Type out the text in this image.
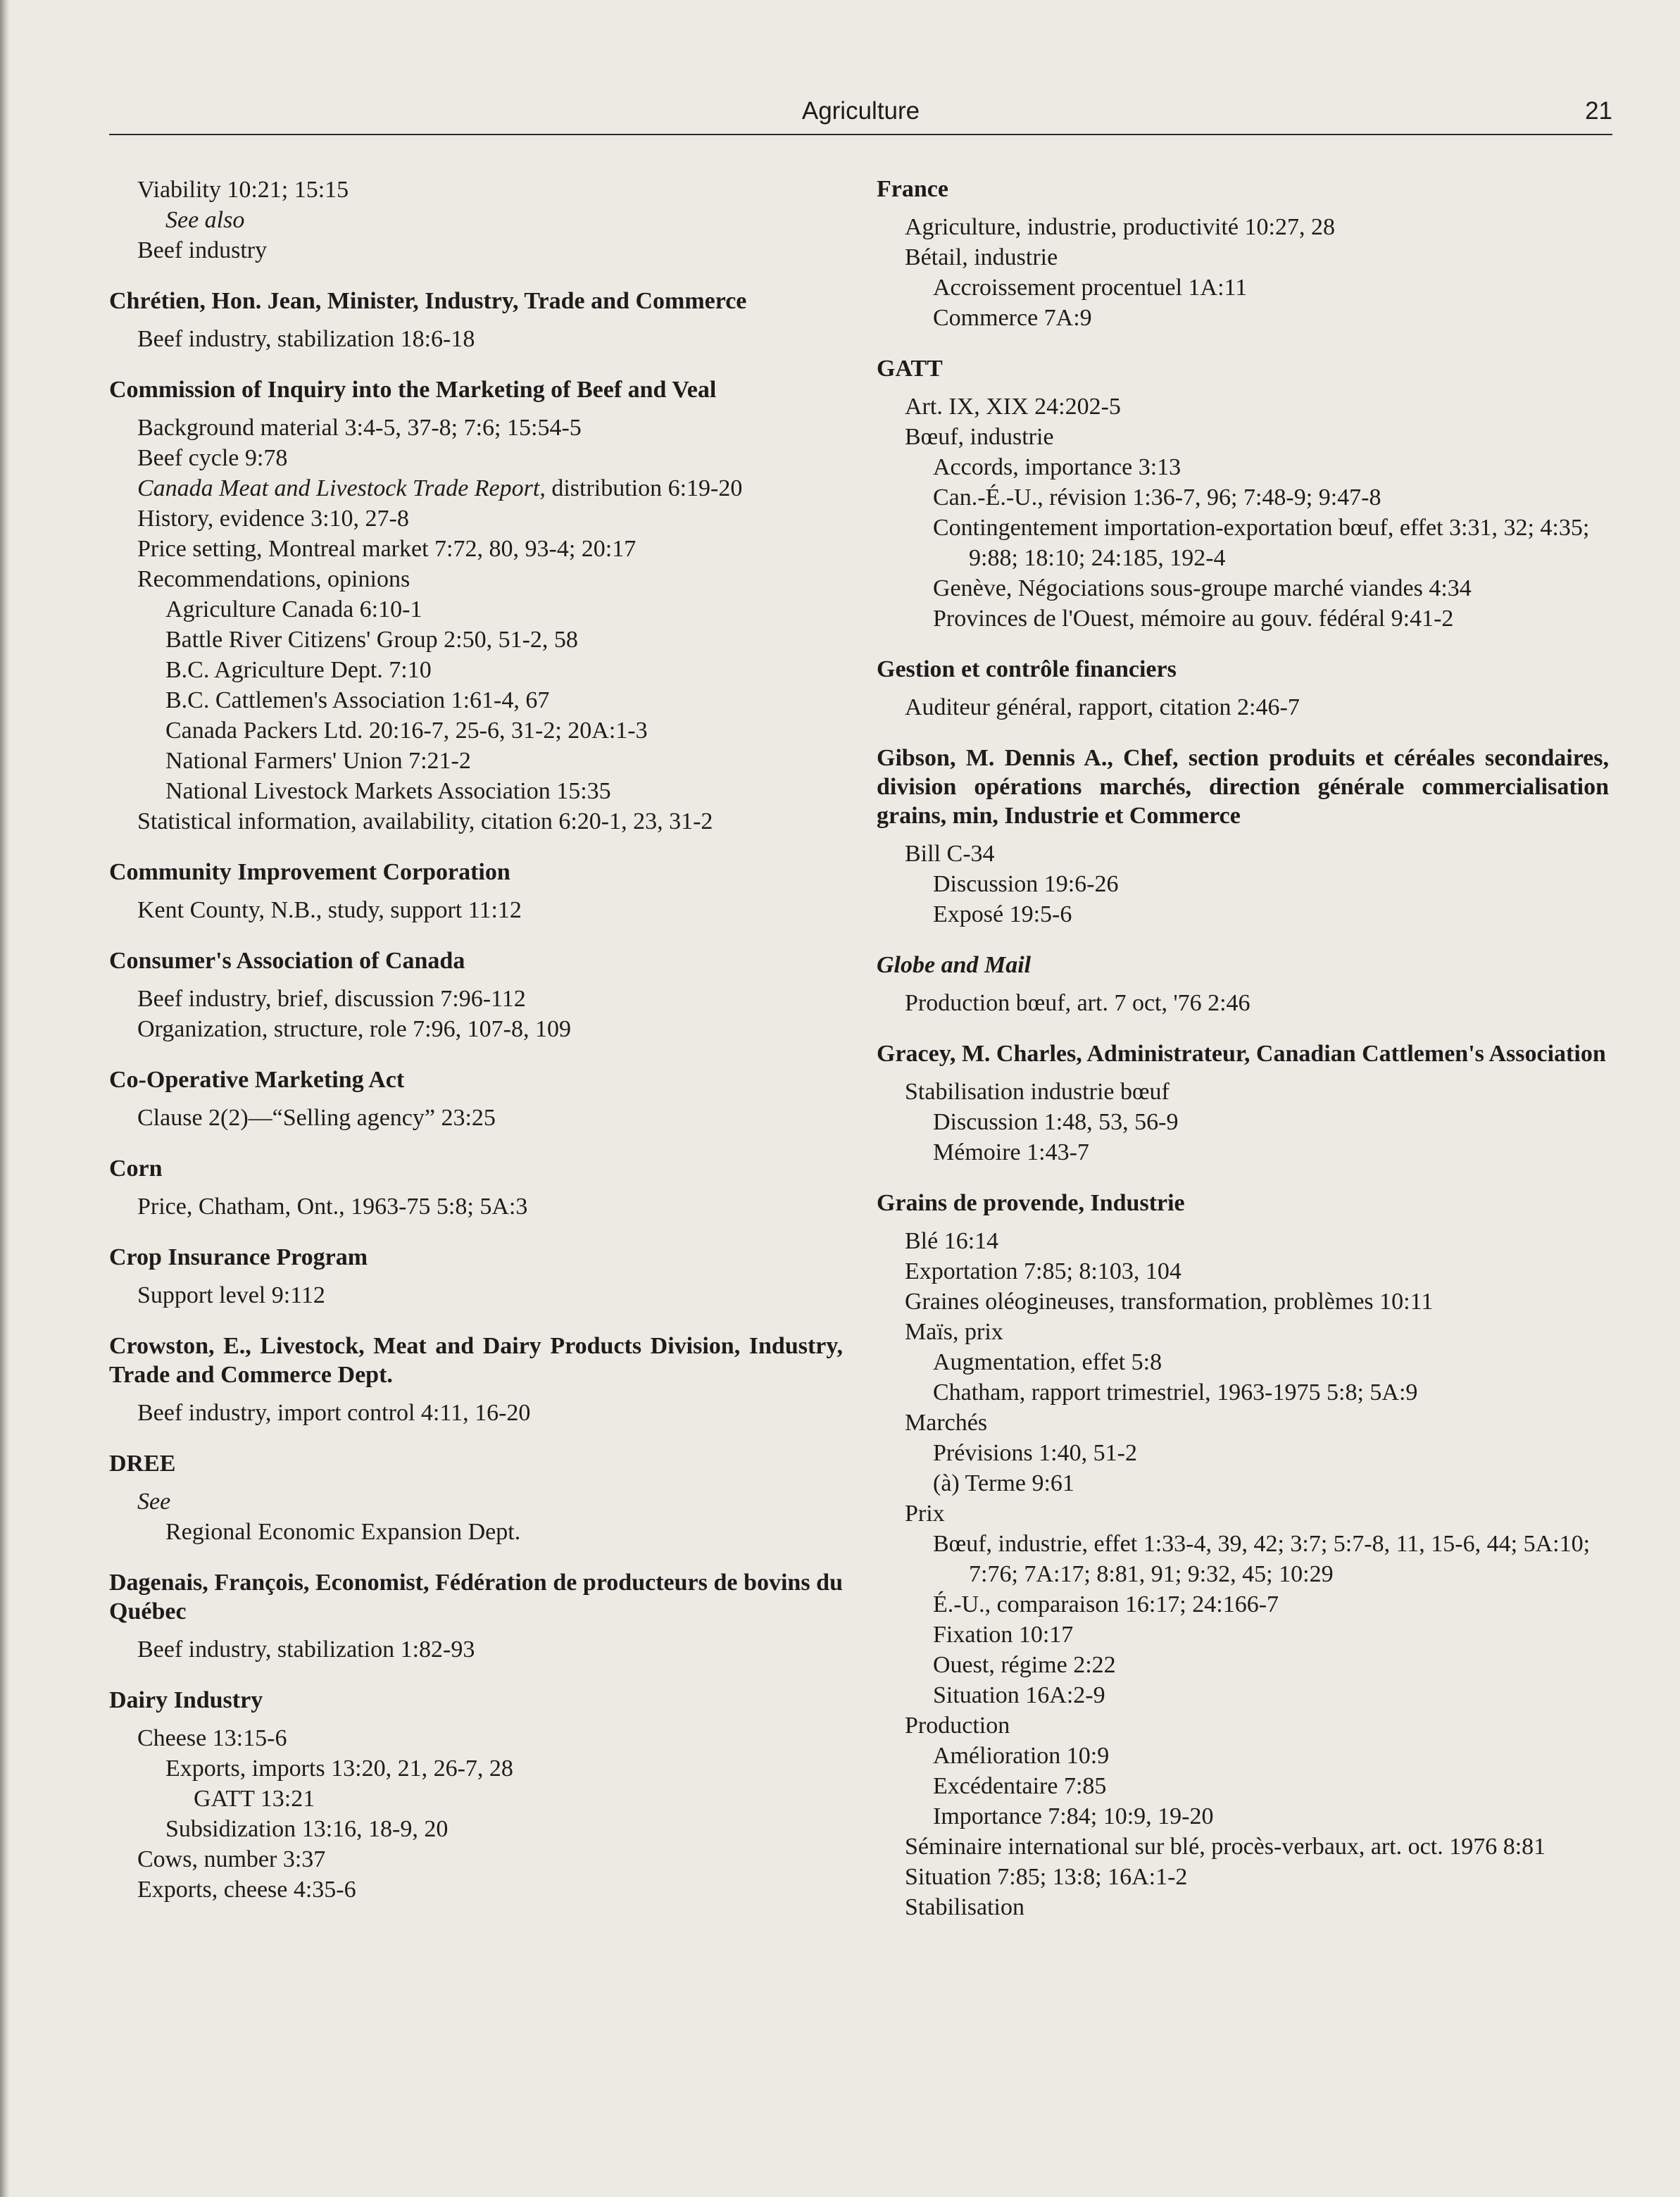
Agriculture	21
Viability 10:21; 15:15
See also
Beef industry
Chrétien, Hon. Jean, Minister, Industry, Trade and Commerce
Beef industry, stabilization 18:6-18
Commission of Inquiry into the Marketing of Beef and Veal
Background material 3:4-5, 37-8; 7:6; 15:54-5
Beef cycle 9:78
Canada Meat and Livestock Trade Report, distribution 6:19-20
History, evidence 3:10, 27-8
Price setting, Montreal market 7:72, 80, 93-4; 20:17
Recommendations, opinions
Agriculture Canada 6:10-1
Battle River Citizens' Group 2:50, 51-2, 58
B.C. Agriculture Dept. 7:10
B.C. Cattlemen's Association 1:61-4, 67
Canada Packers Ltd. 20:16-7, 25-6, 31-2; 20A:1-3
National Farmers' Union 7:21-2
National Livestock Markets Association 15:35
Statistical information, availability, citation 6:20-1, 23, 31-2
Community Improvement Corporation
Kent County, N.B., study, support 11:12
Consumer's Association of Canada
Beef industry, brief, discussion 7:96-112
Organization, structure, role 7:96, 107-8, 109
Co-Operative Marketing Act
Clause 2(2)—“Selling agency” 23:25
Corn
Price, Chatham, Ont., 1963-75 5:8; 5A:3
Crop Insurance Program
Support level 9:112
Crowston, E., Livestock, Meat and Dairy Products Division, Industry, Trade and Commerce Dept.
Beef industry, import control 4:11, 16-20
DREE
See
Regional Economic Expansion Dept.
Dagenais, François, Economist, Fédération de producteurs de bovins du Québec
Beef industry, stabilization 1:82-93
Dairy Industry
Cheese 13:15-6
Exports, imports 13:20, 21, 26-7, 28
GATT 13:21
Subsidization 13:16, 18-9, 20
Cows, number 3:37
Exports, cheese 4:35-6
France
Agriculture, industrie, productivité 10:27, 28
Bétail, industrie
Accroissement procentuel 1A:11
Commerce 7A:9
GATT
Art. IX, XIX 24:202-5
Bœuf, industrie
Accords, importance 3:13
Can.-É.-U., révision 1:36-7, 96; 7:48-9; 9:47-8
Contingentement importation-exportation bœuf, effet 3:31, 32; 4:35; 9:88; 18:10; 24:185, 192-4
Genève, Négociations sous-groupe marché viandes 4:34
Provinces de l'Ouest, mémoire au gouv. fédéral 9:41-2
Gestion et contrôle financiers
Auditeur général, rapport, citation 2:46-7
Gibson, M. Dennis A., Chef, section produits et céréales secondaires, division opérations marchés, direction générale commercialisation grains, min, Industrie et Commerce
Bill C-34
Discussion 19:6-26
Exposé 19:5-6
Globe and Mail
Production bœuf, art. 7 oct, '76 2:46
Gracey, M. Charles, Administrateur, Canadian Cattlemen's Association
Stabilisation industrie bœuf
Discussion 1:48, 53, 56-9
Mémoire 1:43-7
Grains de provende, Industrie
Blé 16:14
Exportation 7:85; 8:103, 104
Graines oléogineuses, transformation, problèmes 10:11
Maïs, prix
Augmentation, effet 5:8
Chatham, rapport trimestriel, 1963-1975 5:8; 5A:9
Marchés
Prévisions 1:40, 51-2
(à) Terme 9:61
Prix
Bœuf, industrie, effet 1:33-4, 39, 42; 3:7; 5:7-8, 11, 15-6, 44; 5A:10; 7:76; 7A:17; 8:81, 91; 9:32, 45; 10:29
É.-U., comparaison 16:17; 24:166-7
Fixation 10:17
Ouest, régime 2:22
Situation 16A:2-9
Production
Amélioration 10:9
Excédentaire 7:85
Importance 7:84; 10:9, 19-20
Séminaire international sur blé, procès-verbaux, art. oct. 1976 8:81
Situation 7:85; 13:8; 16A:1-2
Stabilisation
